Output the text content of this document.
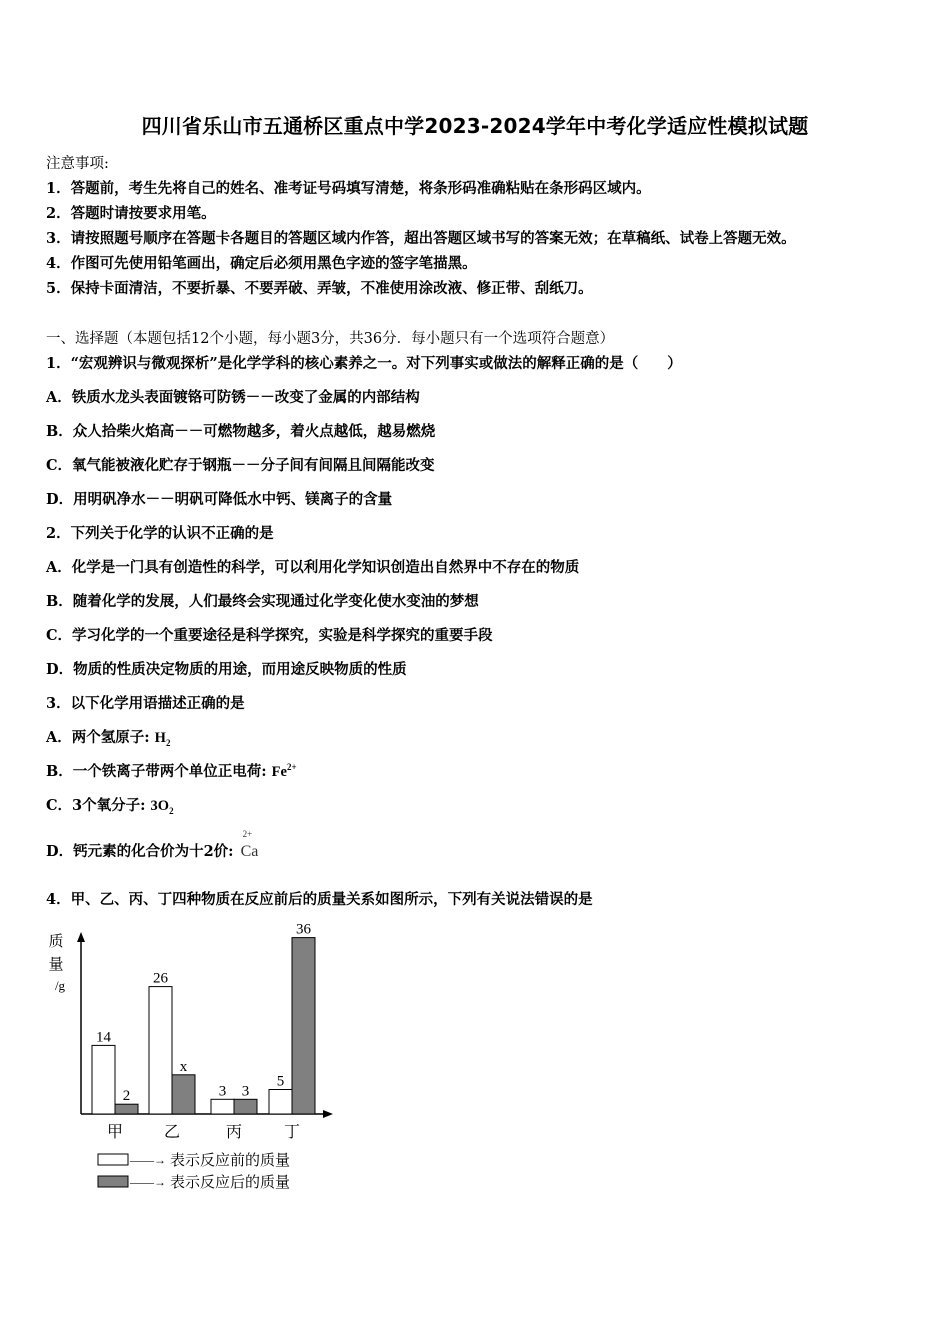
四川省乐山市五通桥区重点中学2023-2024学年中考化学适应性模拟试题
注意事项:
1．答题前，考生先将自己的姓名、准考证号码填写清楚，将条形码准确粘贴在条形码区域内。
2．答题时请按要求用笔。
3．请按照题号顺序在答题卡各题目的答题区域内作答，超出答题区域书写的答案无效；在草稿纸、试卷上答题无效。
4．作图可先使用铅笔画出，确定后必须用黑色字迹的签字笔描黑。
5．保持卡面清洁，不要折暴、不要弄破、弄皱，不准使用涂改液、修正带、刮纸刀。
一、选择题（本题包括12个小题，每小题3分，共36分．每小题只有一个选项符合题意）
1．“宏观辨识与微观探析”是化学学科的核心素养之一。对下列事实或做法的解释正确的是（　　）
A．铁质水龙头表面镀铬可防锈－－改变了金属的内部结构
B．众人拾柴火焰高－－可燃物越多，着火点越低，越易燃烧
C．氧气能被液化贮存于钢瓶－－分子间有间隔且间隔能改变
D．用明矾净水－－明矾可降低水中钙、镁离子的含量
2．下列关于化学的认识不正确的是
A．化学是一门具有创造性的科学，可以利用化学知识创造出自然界中不存在的物质
B．随着化学的发展，人们最终会实现通过化学变化使水变油的梦想
C．学习化学的一个重要途径是科学探究，实验是科学探究的重要手段
D．物质的性质决定物质的用途，而用途反映物质的性质
3．以下化学用语描述正确的是
A．两个氢原子: $H_2$
B．一个铁离子带两个单位正电荷: $Fe^{2+}$
C．3个氧分子: $3O_2$
D．钙元素的化合价为十2价:
2+
Ca
4．甲、乙、丙、丁四种物质在反应前后的质量关系如图所示，下列有关说法错误的是
质
量
/g
14
2
甲
26
x
乙
3 3
丙
5
36
丁
——→ 表示反应前的质量
——→ 表示反应后的质量
